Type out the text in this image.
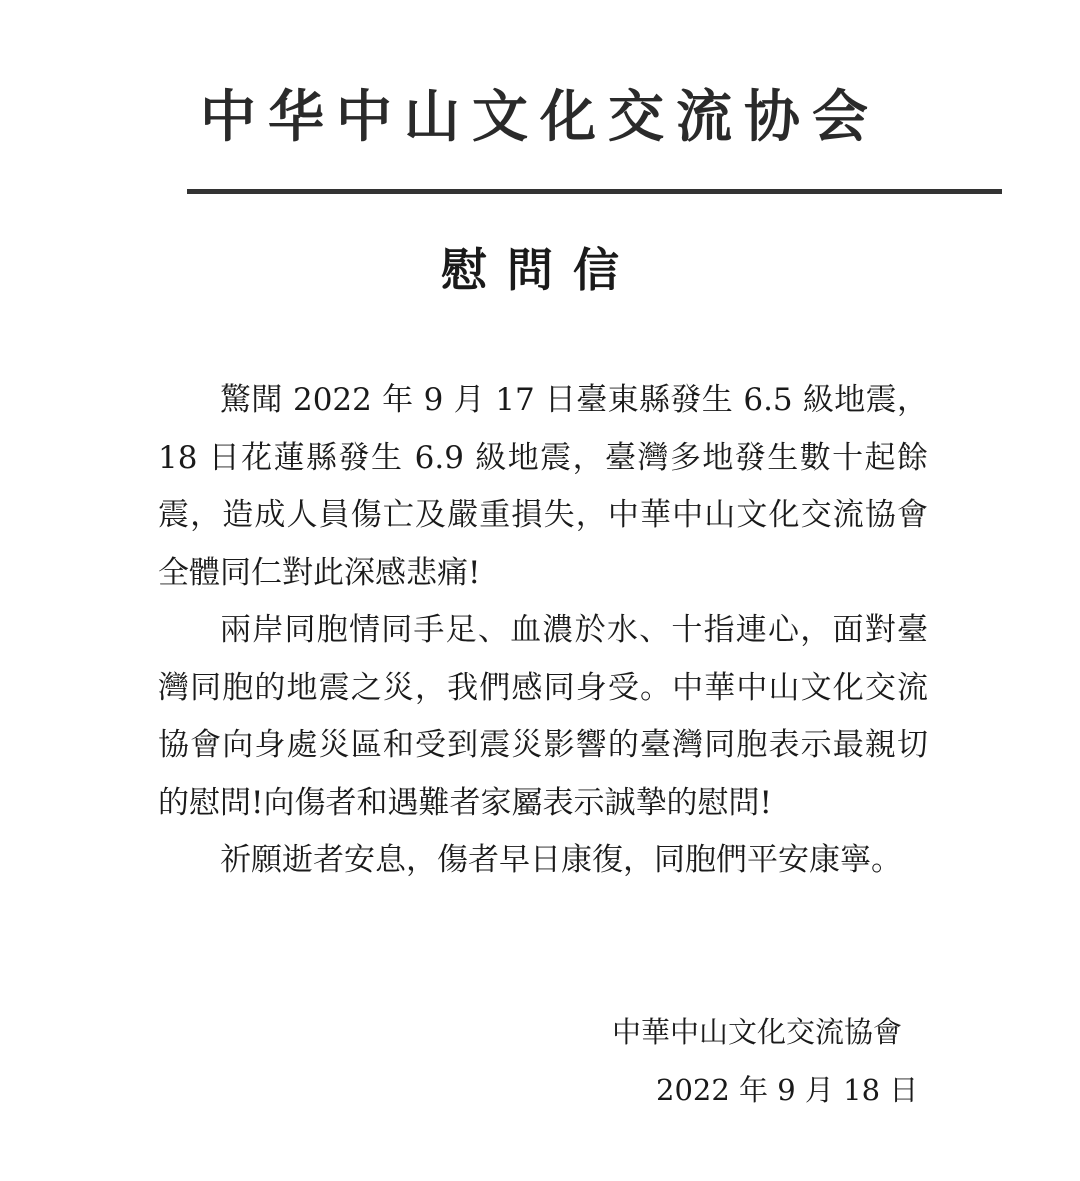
中华中山文化交流协会
慰問信

驚聞 2022 年 9 月 17 日臺東縣發生 6.5 級地震， 18 日花蓮縣發生 6.9 級地震，臺灣多地發生數十起餘震，造成人員傷亡及嚴重損失，中華中山文化交流協會全體同仁對此深感悲痛!

兩岸同胞情同手足、血濃於水、十指連心，面對臺灣同胞的地震之災，我們感同身受。中華中山文化交流協會向身處災區和受到震災影響的臺灣同胞表示最親切的慰問!向傷者和遇難者家屬表示誠摯的慰問!

祈願逝者安息，傷者早日康復，同胞們平安康寧。

中華中山文化交流協會
2022 年 9 月 18 日
